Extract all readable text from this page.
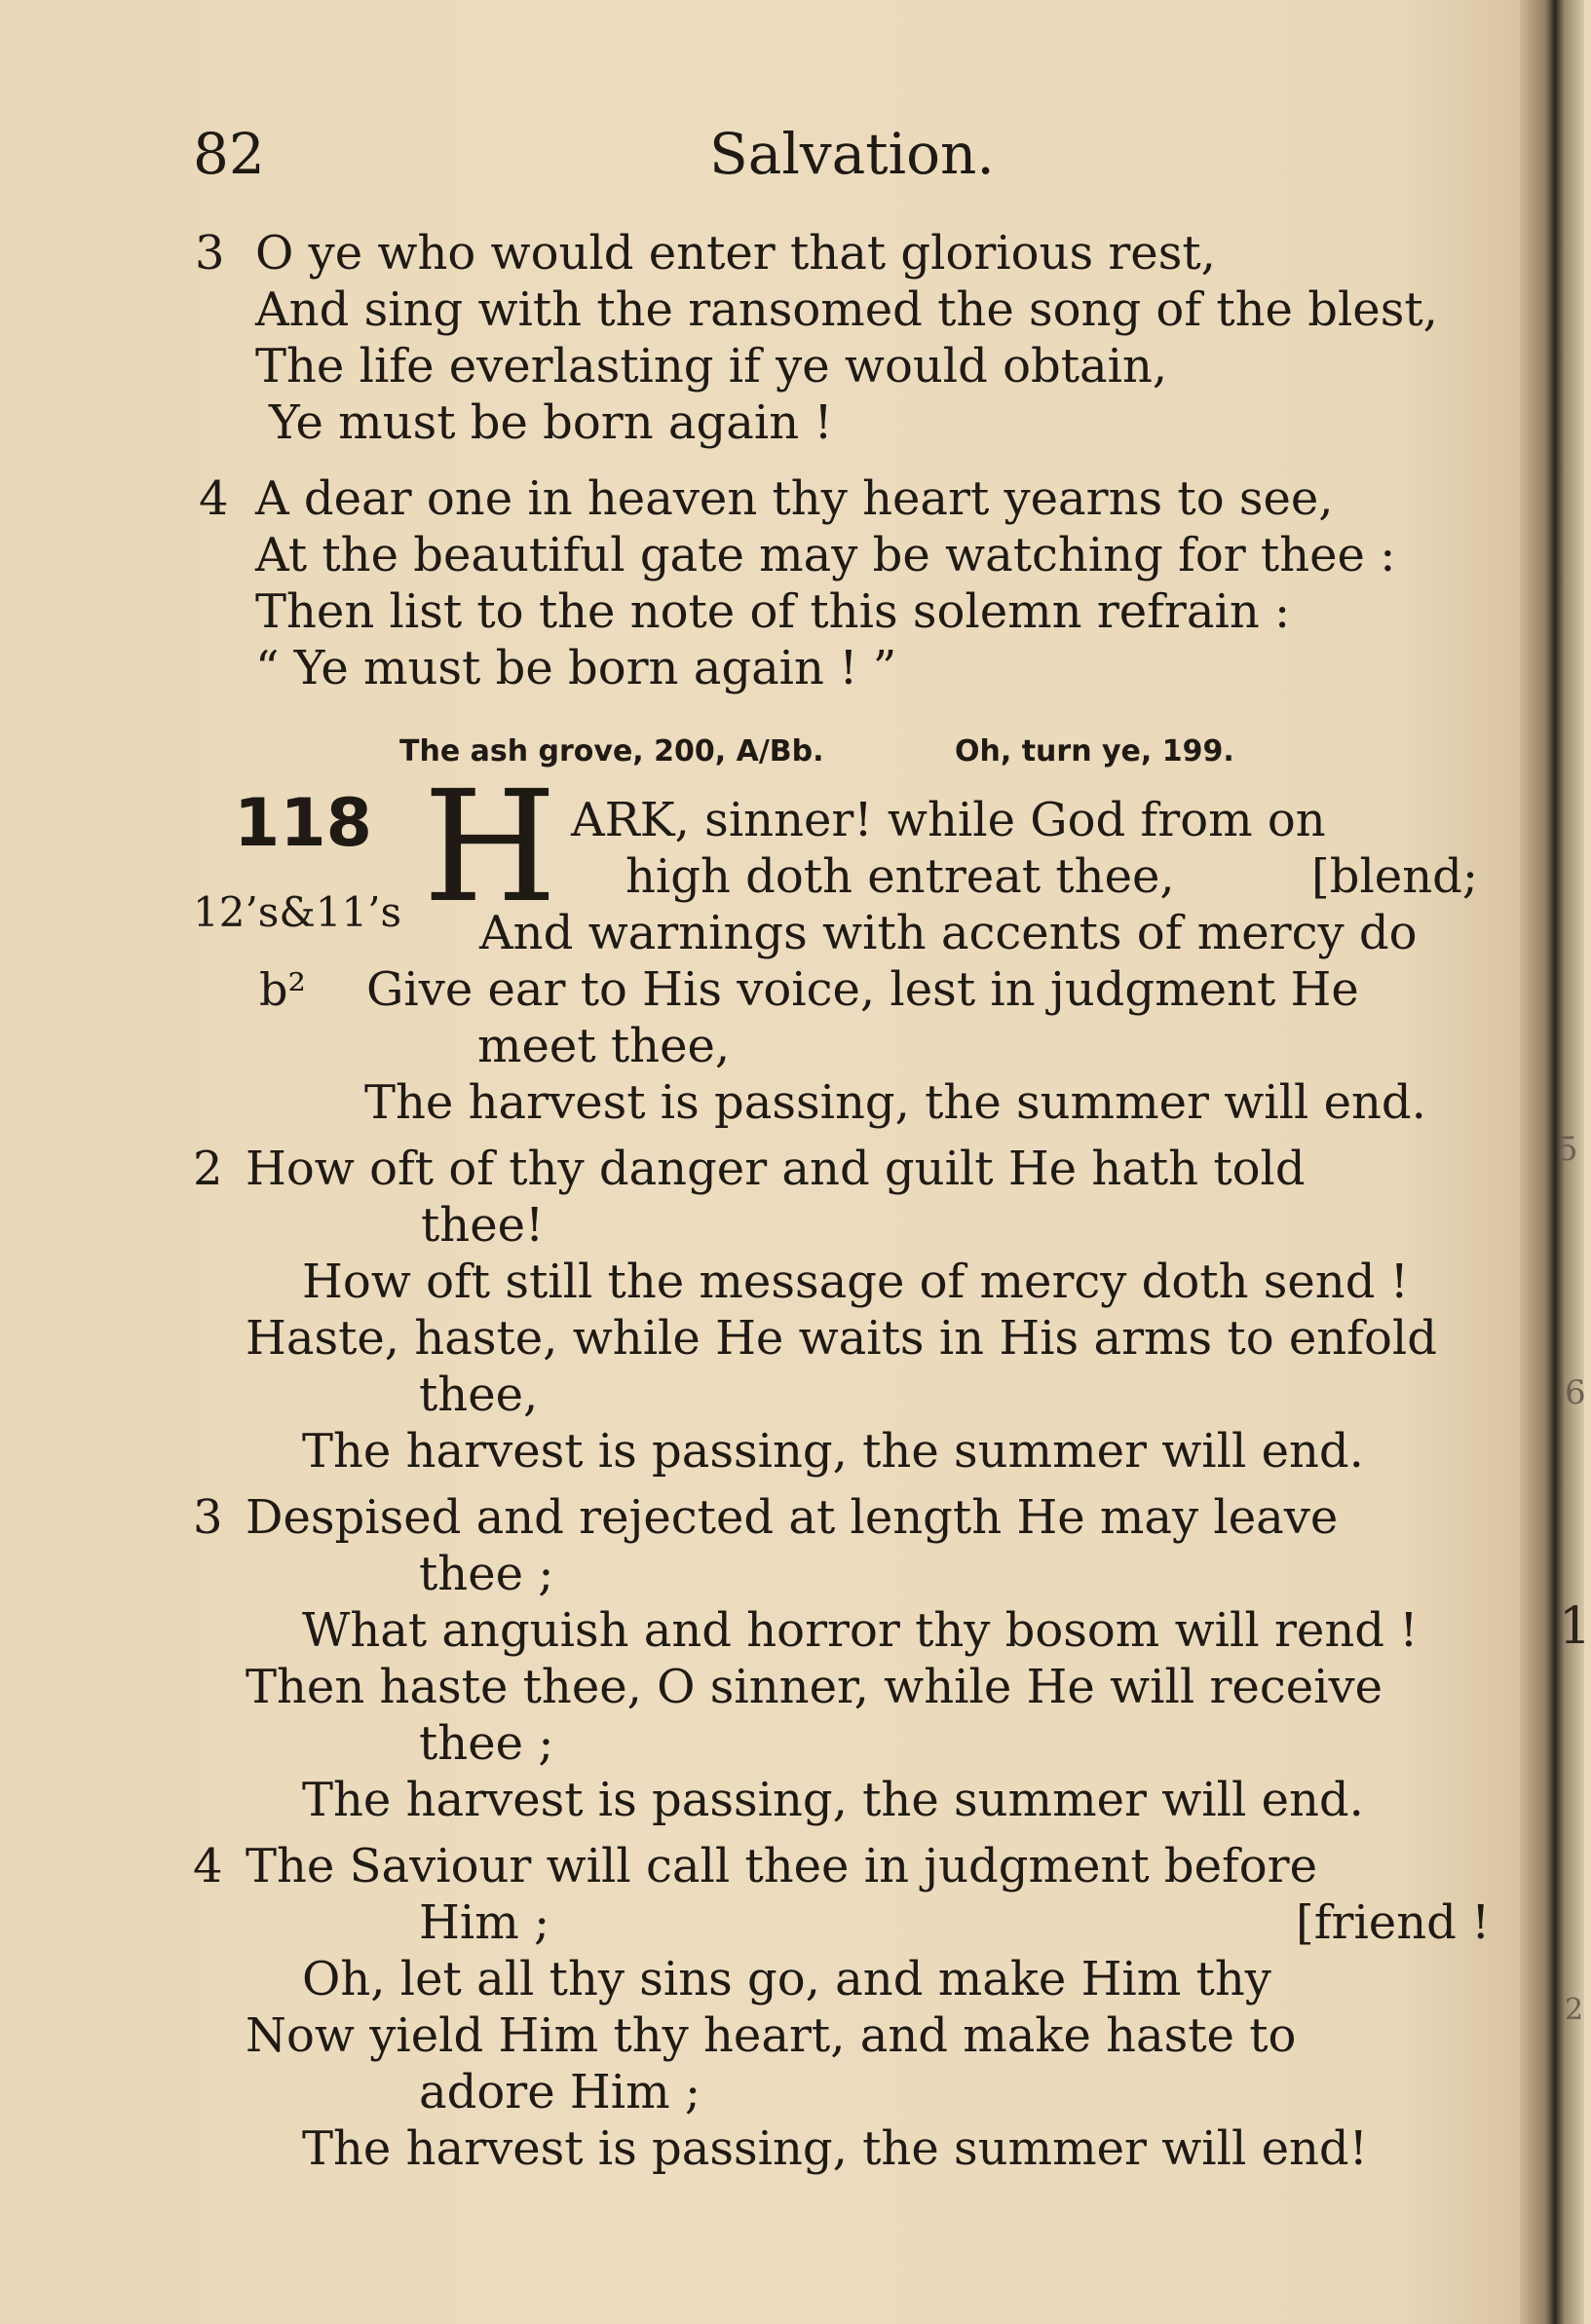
5
6
1
2
82	Salvation.
3 O ye who would enter that glorious rest,
And sing with the ransomed the song of the blest,
The life everlasting if ye would obtain,
Ye must be born again !
4 A dear one in heaven thy heart yearns to see,
At the beautiful gate may be watching for thee :
Then list to the note of this solemn refrain :
“ Ye must be born again ! ”
The ash grove, 200, A/Bb.	Oh, turn ye, 199.
118
12’s&11’s
b²
H ARK, sinner! while God from on
high doth entreat thee,	[blend;
And warnings with accents of mercy do
Give ear to His voice, lest in judgment He
meet thee,
The harvest is passing, the summer will end.
2 How oft of thy danger and guilt He hath told
thee!
How oft still the message of mercy doth send !
Haste, haste, while He waits in His arms to enfold
thee,
The harvest is passing, the summer will end.
3 Despised and rejected at length He may leave
thee ;
What anguish and horror thy bosom will rend !
Then haste thee, O sinner, while He will receive
thee ;
The harvest is passing, the summer will end.
4 The Saviour will call thee in judgment before
Him ;	[friend !
Oh, let all thy sins go, and make Him thy
Now yield Him thy heart, and make haste to
adore Him ;
The harvest is passing, the summer will end!
